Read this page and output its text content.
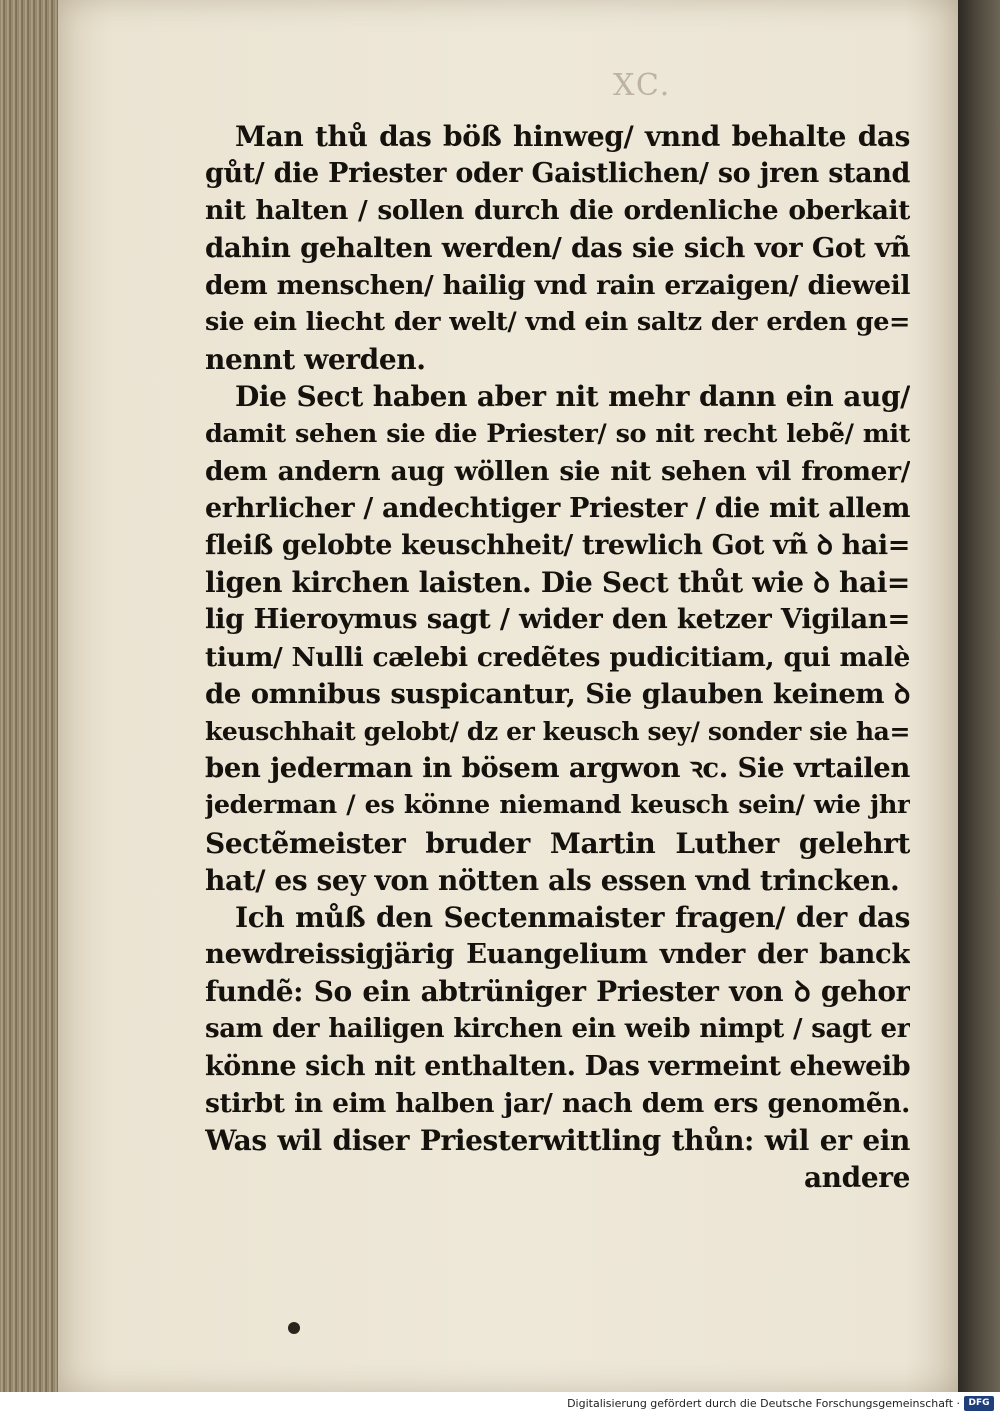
XC.
Man thů das böß hinweg/ vnnd behalte das
gůt/ die Priester oder Gaistlichen/ so jren stand
nit halten / sollen durch die ordenliche oberkait
dahin gehalten werden/ das sie sich vor Got vñ
dem menschen/ hailig vnd rain erzaigen/ dieweil
sie ein liecht der welt/ vnd ein saltz der erden ge=
nennt werden.
Die Sect haben aber nit mehr dann ein aug/
damit sehen sie die Priester/ so nit recht lebẽ/ mit
dem andern aug wöllen sie nit sehen vil fromer/
erhrlicher / andechtiger Priester / die mit allem
fleiß gelobte keuschheit/ trewlich Got vñ ꝺ hai=
ligen kirchen laisten. Die Sect thůt wie ꝺ hai=
lig Hieroymus sagt / wider den ketzer Vigilan=
tium/ Nulli cælebi credẽtes pudicitiam, qui malè
de omnibus suspicantur, Sie glauben keinem ꝺ
keuschhait gelobt/ dz er keusch sey/ sonder sie ha=
ben jederman in bösem argwon ꝛc. Sie vrtailen
jederman / es könne niemand keusch sein/ wie jhr
Sectẽmeister bruder Martin Luther gelehrt
hat/ es sey von nötten als essen vnd trincken.
Ich můß den Sectenmaister fragen/ der das
newdreissigjärig Euangelium vnder der banck
fundẽ: So ein abtrüniger Priester von ꝺ gehor
sam der hailigen kirchen ein weib nimpt / sagt er
könne sich nit enthalten. Das vermeint eheweib
stirbt in eim halben jar/ nach dem ers genomẽn.
Was wil diser Priesterwittling thůn: wil er ein
andere
Digitalisierung gefördert durch die Deutsche Forschungsgemeinschaft · DFG
